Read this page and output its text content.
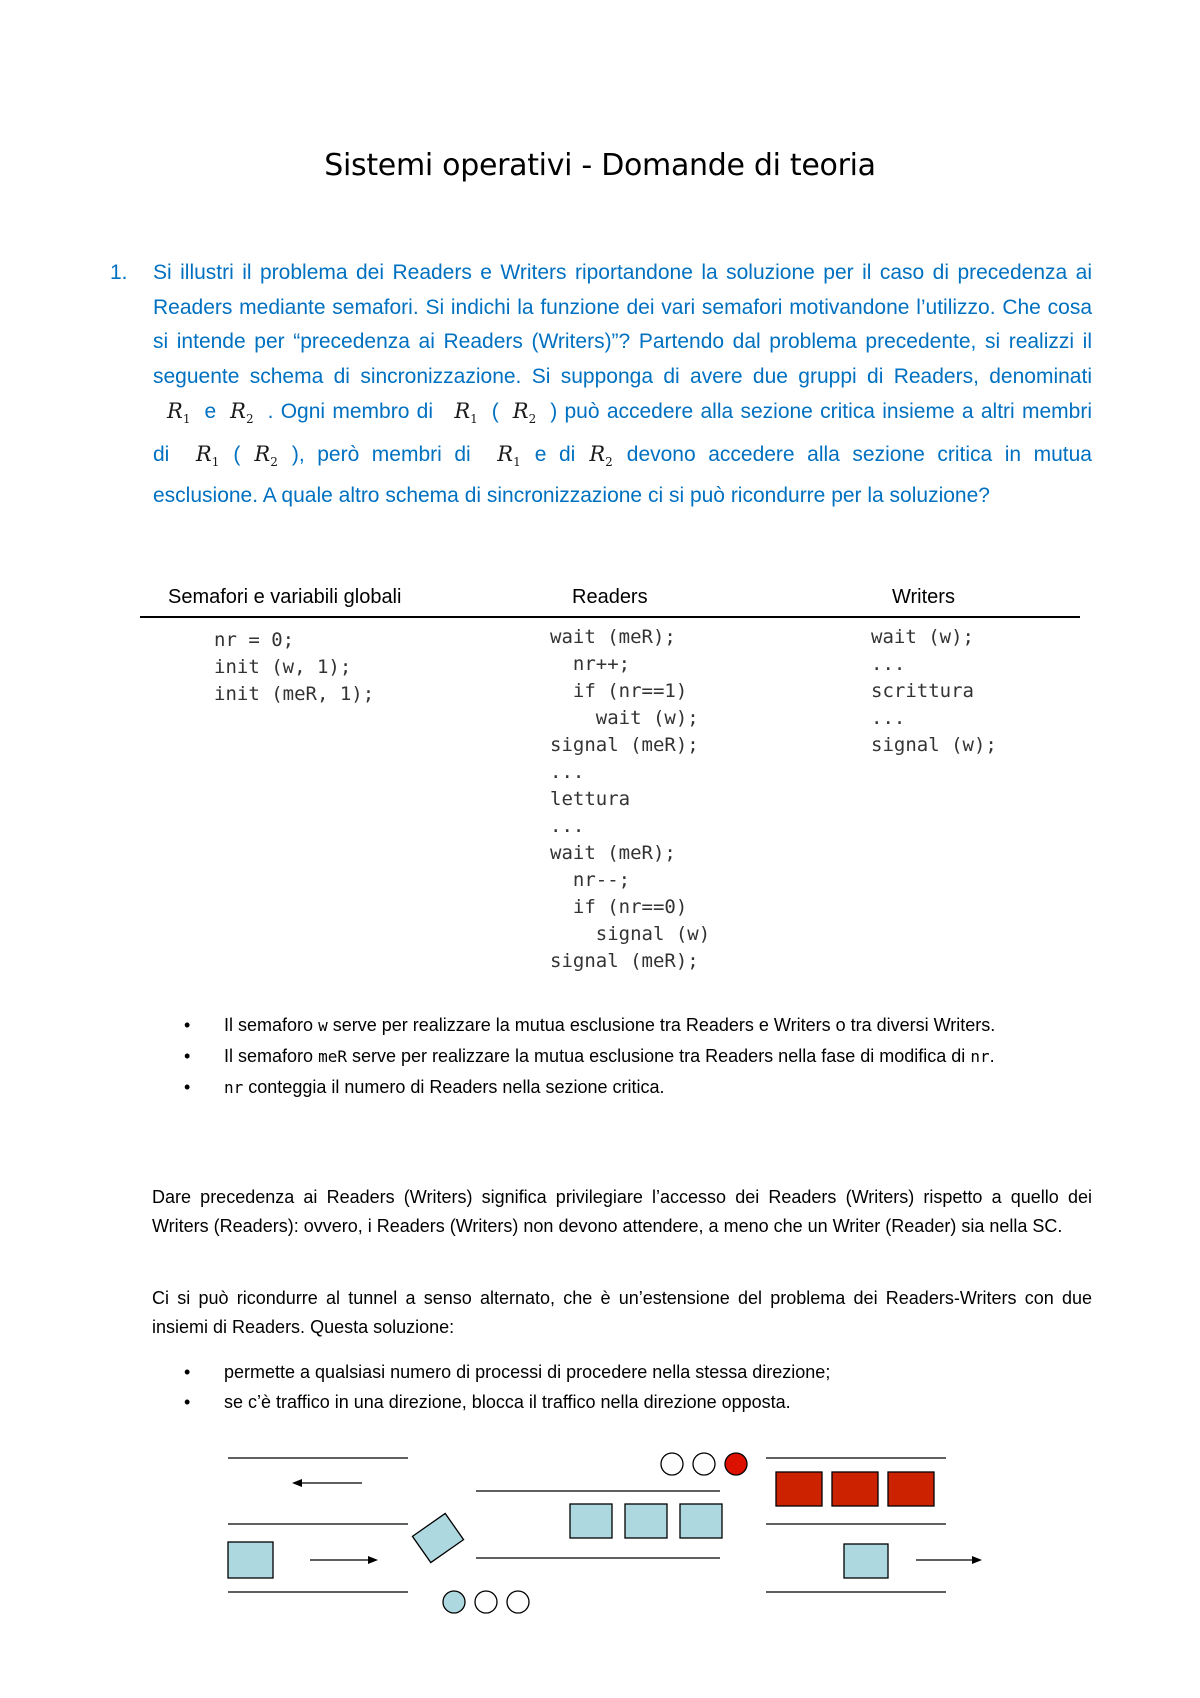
Sistemi operativi - Domande di teoria
1. Si illustri il problema dei Readers e Writers riportandone la soluzione per il caso di precedenza ai Readers mediante semafori. Si indichi la funzione dei vari semafori motivandone l’utilizzo. Che cosa si intende per “precedenza ai Readers (Writers)”? Partendo dal problema precedente, si realizzi il seguente schema di sincronizzazione. Si supponga di avere due gruppi di Readers, denominati $R_1$ e $R_2$ . Ogni membro di $R_1$ ( $R_2$ ) può accedere alla sezione critica insieme a altri membri di $R_1$ ( $R_2$ ), però membri di $R_1$ e di $R_2$ devono accedere alla sezione critica in mutua esclusione. A quale altro schema di sincronizzazione ci si può ricondurre per la soluzione?
Semafori e variabili globali	Readers	Writers
nr = 0;
init (w, 1);
init (meR, 1);
wait (meR);
nr++;
if (nr==1)
wait (w);
signal (meR);
...
lettura
...
wait (meR);
nr--;
if (nr==0)
signal (w)
signal (meR);
wait (w);
...
scrittura
...
signal (w);
• Il semaforo w serve per realizzare la mutua esclusione tra Readers e Writers o tra diversi Writers.
• Il semaforo meR serve per realizzare la mutua esclusione tra Readers nella fase di modifica di nr.
• nr conteggia il numero di Readers nella sezione critica.

Dare precedenza ai Readers (Writers) significa privilegiare l’accesso dei Readers (Writers) rispetto a quello dei Writers (Readers): ovvero, i Readers (Writers) non devono attendere, a meno che un Writer (Reader) sia nella SC.

Ci si può ricondurre al tunnel a senso alternato, che è un’estensione del problema dei Readers-Writers con due insiemi di Readers. Questa soluzione:

• permette a qualsiasi numero di processi di procedere nella stessa direzione;
• se c’è traffico in una direzione, blocca il traffico nella direzione opposta.
